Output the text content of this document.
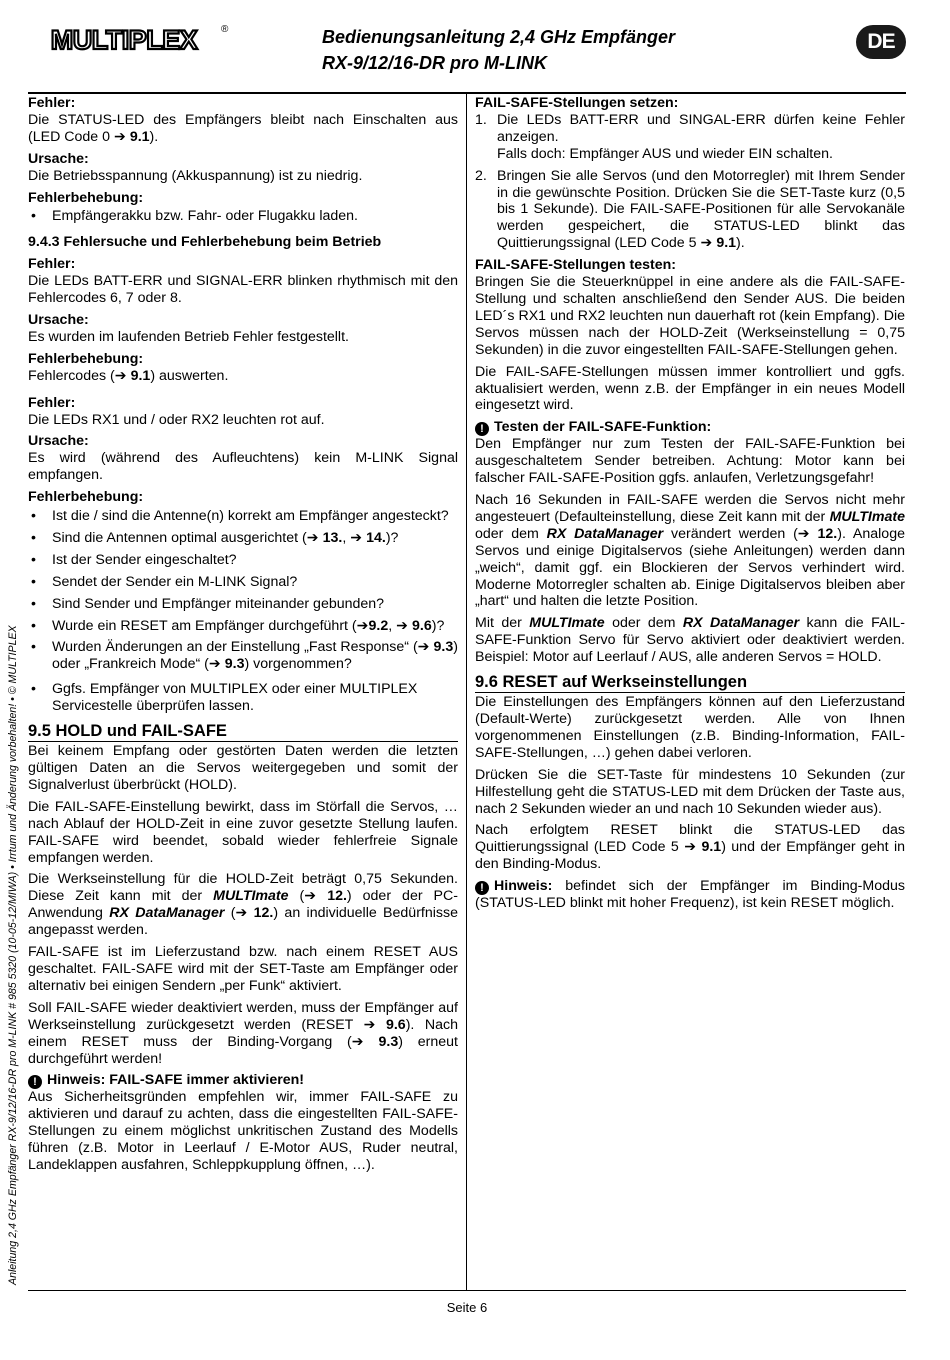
MULTIPLEX ®	Bedienungsanleitung 2,4 GHz Empfänger
RX-9/12/16-DR pro M-LINK
DE
Anleitung 2,4 GHz Empfänger RX-9/12/16-DR pro M-LINK # 985 5320 (10-05-12/MIWA) • Irrtum und Änderung vorbehalten! • © MULTIPLEX

Fehler:

Die STATUS-LED des Empfängers bleibt nach Einschalten aus (LED Code 0 ➔ 9.1).

Ursache:

Die Betriebsspannung (Akkuspannung) ist zu niedrig.

Fehlerbehebung:

• Empfängerakku bzw. Fahr- oder Flugakku laden.

9.4.3 Fehlersuche und Fehlerbehebung beim Betrieb

Fehler:

Die LEDs BATT-ERR und SIGNAL-ERR blinken rhythmisch mit den Fehlercodes 6, 7 oder 8.

Ursache:

Es wurden im laufenden Betrieb Fehler festgestellt.

Fehlerbehebung:

Fehlercodes (➔ 9.1) auswerten.

Fehler:

Die LEDs RX1 und / oder RX2 leuchten rot auf.

Ursache:

Es wird (während des Aufleuchtens) kein M-LINK Signal empfangen.

Fehlerbehebung:

• Ist die / sind die Antenne(n) korrekt am Empfänger angesteckt?
• Sind die Antennen optimal ausgerichtet (➔ 13., ➔ 14.)?
• Ist der Sender eingeschaltet?
• Sendet der Sender ein M-LINK Signal?
• Sind Sender und Empfänger miteinander gebunden?
• Wurde ein RESET am Empfänger durchgeführt (➔9.2, ➔ 9.6)?
• Wurden Änderungen an der Einstellung „Fast Response“ (➔ 9.3) oder „Frankreich Mode“ (➔ 9.3) vorgenommen?
• Ggfs. Empfänger von MULTIPLEX oder einer MULTIPLEX Servicestelle überprüfen lassen.

9.5 HOLD und FAIL-SAFE

Bei keinem Empfang oder gestörten Daten werden die letzten gültigen Daten an die Servos weitergegeben und somit der Signalverlust überbrückt (HOLD).

Die FAIL-SAFE-Einstellung bewirkt, dass im Störfall die Servos, … nach Ablauf der HOLD-Zeit in eine zuvor gesetzte Stellung laufen. FAIL-SAFE wird beendet, sobald wieder fehlerfreie Signale empfangen werden.

Die Werkseinstellung für die HOLD-Zeit beträgt 0,75 Sekunden. Diese Zeit kann mit der MULTImate (➔ 12.) oder der PC-Anwendung RX DataManager (➔ 12.) an individuelle Bedürfnisse angepasst werden.

FAIL-SAFE ist im Lieferzustand bzw. nach einem RESET AUS geschaltet. FAIL-SAFE wird mit der SET-Taste am Empfänger oder alternativ bei einigen Sendern „per Funk“ aktiviert.

Soll FAIL-SAFE wieder deaktiviert werden, muss der Empfänger auf Werkseinstellung zurückgesetzt werden (RESET ➔ 9.6). Nach einem RESET muss der Binding-Vorgang (➔ 9.3) erneut durchgeführt werden!

! Hinweis: FAIL-SAFE immer aktivieren!

Aus Sicherheitsgründen empfehlen wir, immer FAIL-SAFE zu aktivieren und darauf zu achten, dass die eingestellten FAIL-SAFE-Stellungen zu einem möglichst unkritischen Zustand des Modells führen (z.B. Motor in Leerlauf / E-Motor AUS, Ruder neutral, Landeklappen ausfahren, Schleppkupplung öffnen, …).

FAIL-SAFE-Stellungen setzen:

1. Die LEDs BATT-ERR und SINGAL-ERR dürfen keine Fehler anzeigen.
Falls doch: Empfänger AUS und wieder EIN schalten.
2. Bringen Sie alle Servos (und den Motorregler) mit Ihrem Sender in die gewünschte Position. Drücken Sie die SET-Taste kurz (0,5 bis 1 Sekunde). Die FAIL-SAFE-Positionen für alle Servokanäle werden gespeichert, die STATUS-LED blinkt das Quittierungssignal (LED Code 5 ➔ 9.1).

FAIL-SAFE-Stellungen testen:

Bringen Sie die Steuerknüppel in eine andere als die FAIL-SAFE-Stellung und schalten anschließend den Sender AUS. Die beiden LED´s RX1 und RX2 leuchten nun dauerhaft rot (kein Empfang). Die Servos müssen nach der HOLD-Zeit (Werkseinstellung = 0,75 Sekunden) in die zuvor eingestellten FAIL-SAFE-Stellungen gehen.

Die FAIL-SAFE-Stellungen müssen immer kontrolliert und ggfs. aktualisiert werden, wenn z.B. der Empfänger in ein neues Modell eingesetzt wird.

! Testen der FAIL-SAFE-Funktion:

Den Empfänger nur zum Testen der FAIL-SAFE-Funktion bei ausgeschaltetem Sender betreiben. Achtung: Motor kann bei falscher FAIL-SAFE-Position ggfs. anlaufen, Verletzungsgefahr!

Nach 16 Sekunden in FAIL-SAFE werden die Servos nicht mehr angesteuert (Defaulteinstellung, diese Zeit kann mit der MULTImate oder dem RX DataManager verändert werden (➔ 12.). Analoge Servos und einige Digitalservos (siehe Anleitungen) werden dann „weich“, damit ggf. ein Blockieren der Servos verhindert wird. Moderne Motorregler schalten ab. Einige Digitalservos bleiben aber „hart“ und halten die letzte Position.

Mit der MULTImate oder dem RX DataManager kann die FAIL-SAFE-Funktion Servo für Servo aktiviert oder deaktiviert werden. Beispiel: Motor auf Leerlauf / AUS, alle anderen Servos = HOLD.

9.6 RESET auf Werkseinstellungen

Die Einstellungen des Empfängers können auf den Lieferzustand (Default-Werte) zurückgesetzt werden. Alle von Ihnen vorgenommenen Einstellungen (z.B. Binding-Information, FAIL-SAFE-Stellungen, …) gehen dabei verloren.

Drücken Sie die SET-Taste für mindestens 10 Sekunden (zur Hilfestellung geht die STATUS-LED mit dem Drücken der Taste aus, nach 2 Sekunden wieder an und nach 10 Sekunden wieder aus).

Nach erfolgtem RESET blinkt die STATUS-LED das Quittierungssignal (LED Code 5 ➔ 9.1) und der Empfänger geht in den Binding-Modus.

! Hinweis: befindet sich der Empfänger im Binding-Modus (STATUS-LED blinkt mit hoher Frequenz), ist kein RESET möglich.

Seite 6
